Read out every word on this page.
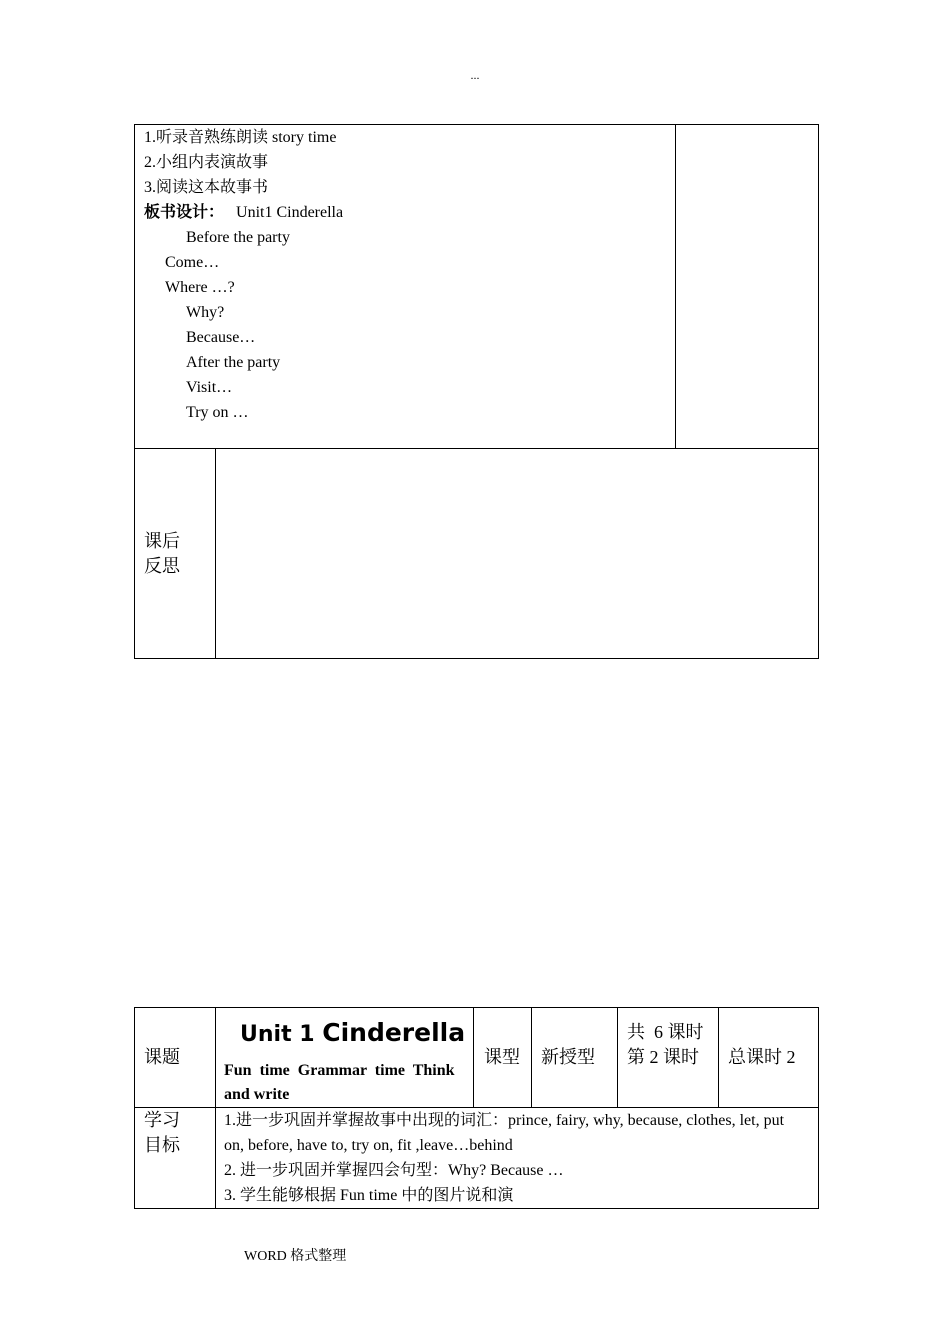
...
1.听录音熟练朗读 story time
2.小组内表演故事
3.阅读这本故事书
板书设计： Unit1 Cinderella
Before the party
Come…
Where …?
Why?
Because…
After the party
Visit…
Try on …
课后
反思
课题
Unit 1 Cinderella
Fun  time  Grammar  time  Think
and write
课型 新授型
共  6 课时
第 2 课时 总课时 2
学习
目标
1.进一步巩固并掌握故事中出现的词汇：prince, fairy, why, because, clothes, let, put
on, before, have to, try on, fit ,leave…behind
2. 进一步巩固并掌握四会句型：Why? Because …
3. 学生能够根据 Fun time 中的图片说和演
WORD 格式整理
